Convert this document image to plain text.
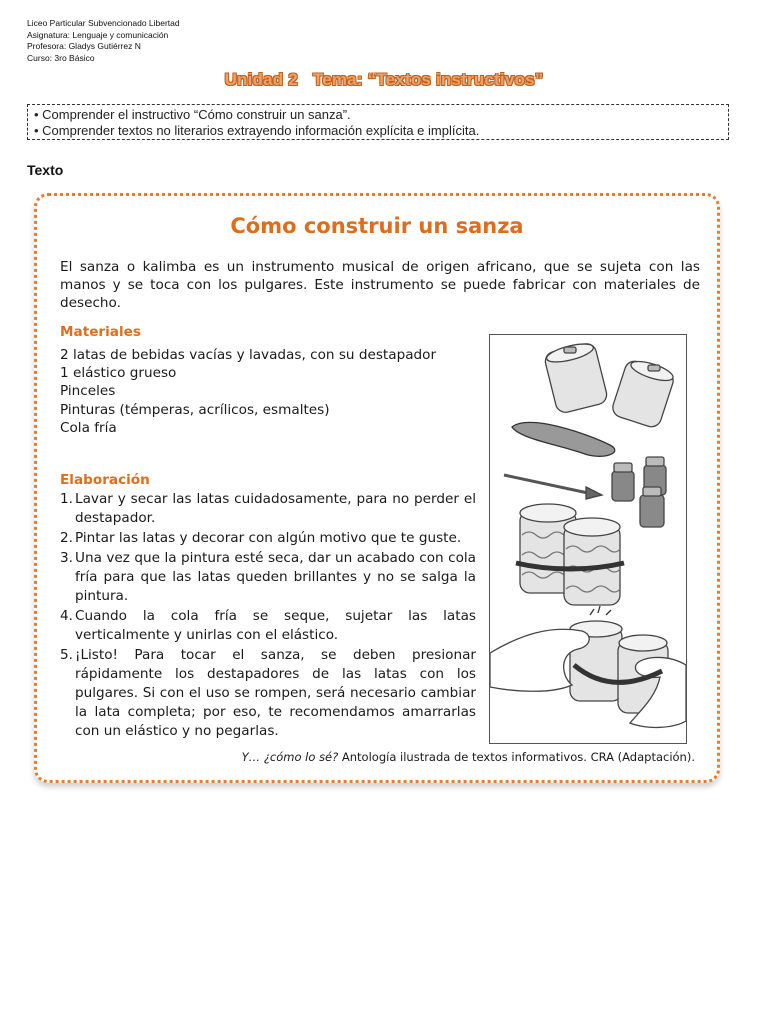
Liceo Particular Subvencionado Libertad
Asignatura: Lenguaje y comunicación
Profesora: Gladys Gutiérrez N
Curso: 3ro Básico
Unidad 2 Tema: “Textos instructivos”
• Comprender el instructivo “Cómo construir un sanza”.
• Comprender textos no literarios extrayendo información explícita e implícita.
Texto
Cómo construir un sanza
El sanza o kalimba es un instrumento musical de origen africano, que se sujeta con las manos y se toca con los pulgares. Este instrumento se puede fabricar con materiales de desecho.
Materiales
2 latas de bebidas vacías y lavadas, con su destapador
1 elástico grueso
Pinceles
Pinturas (témperas, acrílicos, esmaltes)
Cola fría
Elaboración
1. Lavar y secar las latas cuidadosamente, para no perder el destapador.
2. Pintar las latas y decorar con algún motivo que te guste.
3. Una vez que la pintura esté seca, dar un acabado con cola fría para que las latas queden brillantes y no se salga la pintura.
4. Cuando la cola fría se seque, sujetar las latas verticalmente y unirlas con el elástico.
5. ¡Listo! Para tocar el sanza, se deben presionar rápidamente los destapadores de las latas con los pulgares. Si con el uso se rompen, será necesario cambiar la lata completa; por eso, te recomendamos amarrarlas con un elástico y no pegarlas.
Y… ¿cómo lo sé? Antología ilustrada de textos informativos. CRA (Adaptación).
